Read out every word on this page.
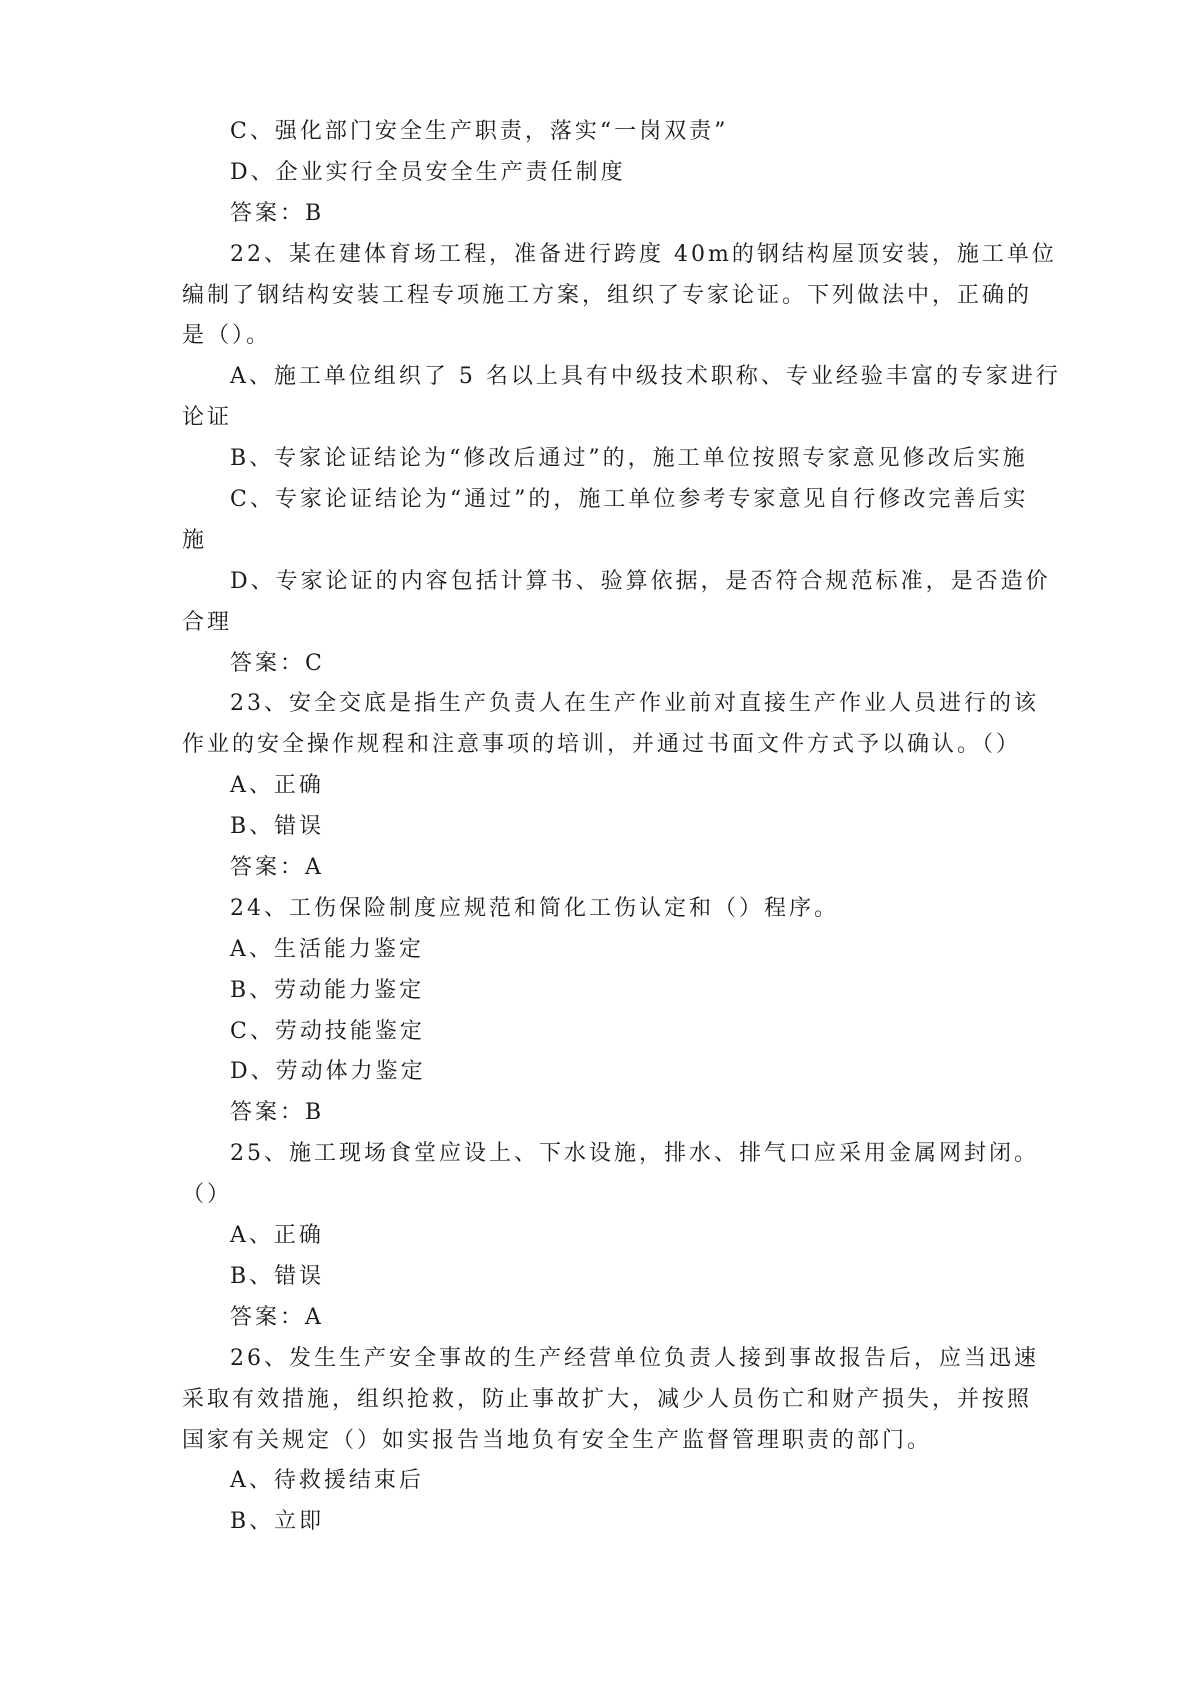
C、强化部门安全生产职责，落实“一岗双责”
D、企业实行全员安全生产责任制度
答案：B
22、某在建体育场工程，准备进行跨度 40m的钢结构屋顶安装，施工单位
编制了钢结构安装工程专项施工方案，组织了专家论证。下列做法中，正确的
是（）。
A、施工单位组织了 5 名以上具有中级技术职称、专业经验丰富的专家进行
论证
B、专家论证结论为“修改后通过”的，施工单位按照专家意见修改后实施
C、专家论证结论为“通过”的，施工单位参考专家意见自行修改完善后实
施
D、专家论证的内容包括计算书、验算依据，是否符合规范标准，是否造价
合理
答案：C
23、安全交底是指生产负责人在生产作业前对直接生产作业人员进行的该
作业的安全操作规程和注意事项的培训，并通过书面文件方式予以确认。（）
A、正确
B、错误
答案：A
24、工伤保险制度应规范和简化工伤认定和（）程序。
A、生活能力鉴定
B、劳动能力鉴定
C、劳动技能鉴定
D、劳动体力鉴定
答案：B
25、施工现场食堂应设上、下水设施，排水、排气口应采用金属网封闭。
（）
A、正确
B、错误
答案：A
26、发生生产安全事故的生产经营单位负责人接到事故报告后，应当迅速
采取有效措施，组织抢救，防止事故扩大，减少人员伤亡和财产损失，并按照
国家有关规定（）如实报告当地负有安全生产监督管理职责的部门。
A、待救援结束后
B、立即
